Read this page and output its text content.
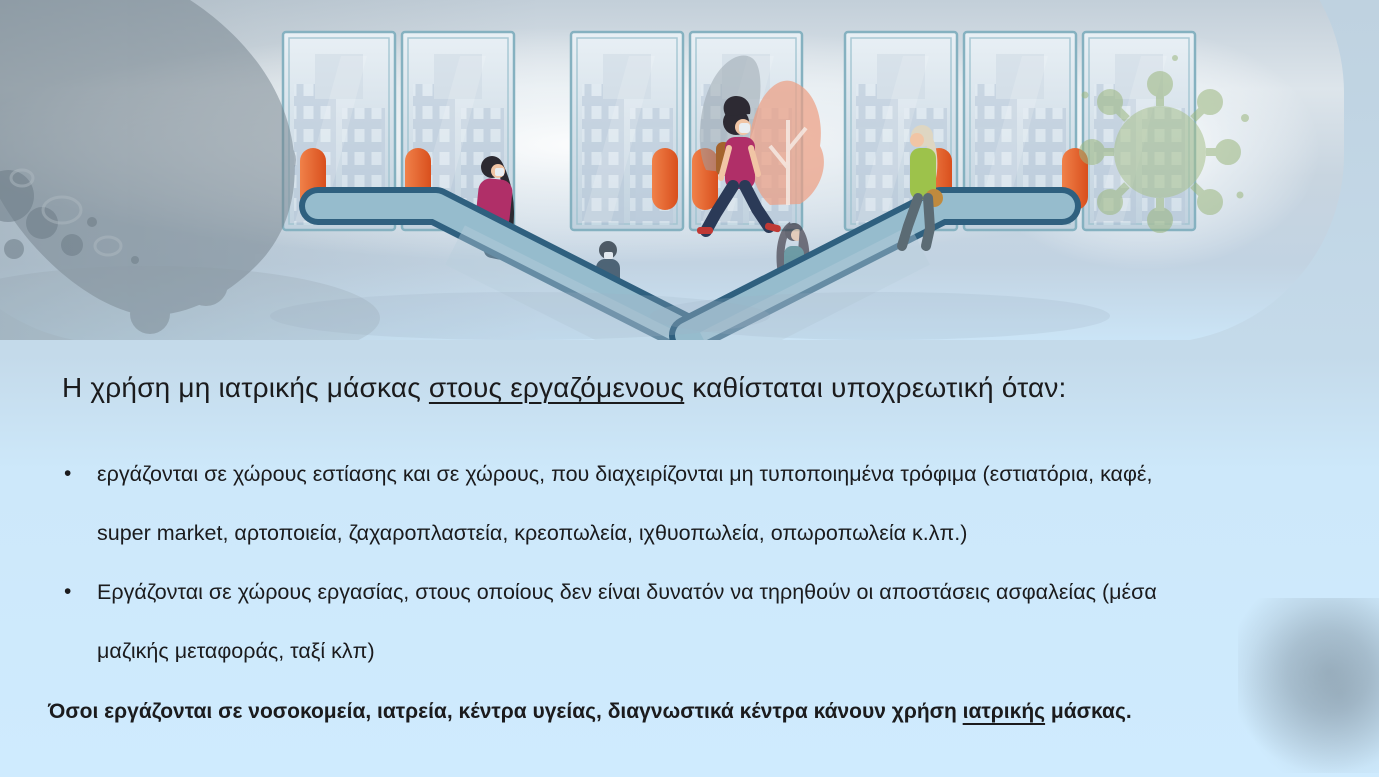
Η χρήση μη ιατρικής μάσκας στους εργαζόμενους καθίσταται υποχρεωτική όταν:
• εργάζονται σε χώρους εστίασης και σε χώρους, που διαχειρίζονται μη τυποποιημένα τρόφιμα (εστιατόρια, καφέ,
super market, αρτοποιεία, ζαχαροπλαστεία, κρεοπωλεία, ιχθυοπωλεία, οπωροπωλεία κ.λπ.)
• Εργάζονται σε χώρους εργασίας, στους οποίους δεν είναι δυνατόν να τηρηθούν οι αποστάσεις ασφαλείας (μέσα
μαζικής μεταφοράς, ταξί κλπ)
Όσοι εργάζονται σε νοσοκομεία, ιατρεία, κέντρα υγείας, διαγνωστικά κέντρα κάνουν χρήση ιατρικής μάσκας.
